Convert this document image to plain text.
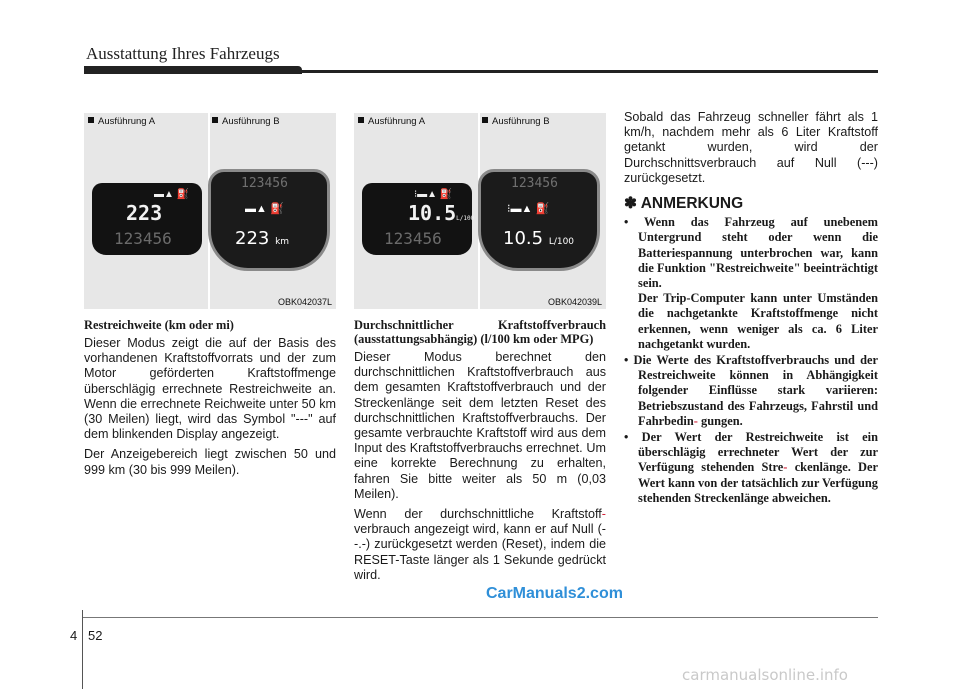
Ausstattung Ihres Fahrzeugs
Ausführung A	Ausführung B
▬▲ ⛽
223
123456
123456
▬▲ ⛽
223 km
OBK042037L
Ausführung A	Ausführung B
⁝▬▲ ⛽
10.5L/100
123456
123456
⁝▬▲ ⛽
10.5 L/100
OBK042039L
Restreichweite (km oder mi)

Dieser Modus zeigt die auf der Basis des vorhandenen Kraftstoffvorrats und der zum Motor geförderten Kraftstoffmenge überschlägig errechnete Restreichweite an. Wenn die errechnete Reichweite unter 50 km (30 Meilen) liegt, wird das Symbol "---" auf dem blinkenden Display angezeigt.

Der Anzeigebereich liegt zwischen 50 und 999 km (30 bis 999 Meilen).

Durchschnittlicher Kraftstoffverbrauch (ausstattungsabhängig) (l/100 km oder MPG)

Dieser Modus berechnet den durchschnittlichen Kraftstoffverbrauch aus dem gesamten Kraftstoffverbrauch und der Streckenlänge seit dem letzten Reset des durchschnittlichen Kraftstoffverbrauchs. Der gesamte verbrauchte Kraftstoff wird aus dem Input des Kraftstoffverbrauchs errechnet. Um eine korrekte Berechnung zu erhalten, fahren Sie bitte weiter als 50 m (0,03 Meilen).

Wenn der durchschnittliche Kraftstoff- verbrauch angezeigt wird, kann er auf Null (--.-) zurückgesetzt werden (Reset), indem die RESET-Taste länger als 1 Sekunde gedrückt wird.

Sobald das Fahrzeug schneller fährt als 1 km/h, nachdem mehr als 6 Liter Kraftstoff getankt wurden, wird der Durchschnittsverbrauch auf Null (---) zurückgesetzt.

✽ ANMERKUNG
• Wenn das Fahrzeug auf unebenem Untergrund steht oder wenn die Batteriespannung unterbrochen war, kann die Funktion "Restreichweite" beeinträchtigt sein.
Der Trip-Computer kann unter Umständen die nachgetankte Kraftstoffmenge nicht erkennen, wenn weniger als ca. 6 Liter nachgetankt wurden.
• Die Werte des Kraftstoffverbrauchs und der Restreichweite können in Abhängigkeit folgender Einflüsse stark variieren: Betriebszustand des Fahrzeugs, Fahrstil und Fahrbedin- gungen.
• Der Wert der Restreichweite ist ein überschlägig errechneter Wert der zur Verfügung stehenden Stre- ckenlänge. Der Wert kann von der tatsächlich zur Verfügung stehenden Streckenlänge abweichen.
CarManuals2.com
4 52
carmanualsonline.info
